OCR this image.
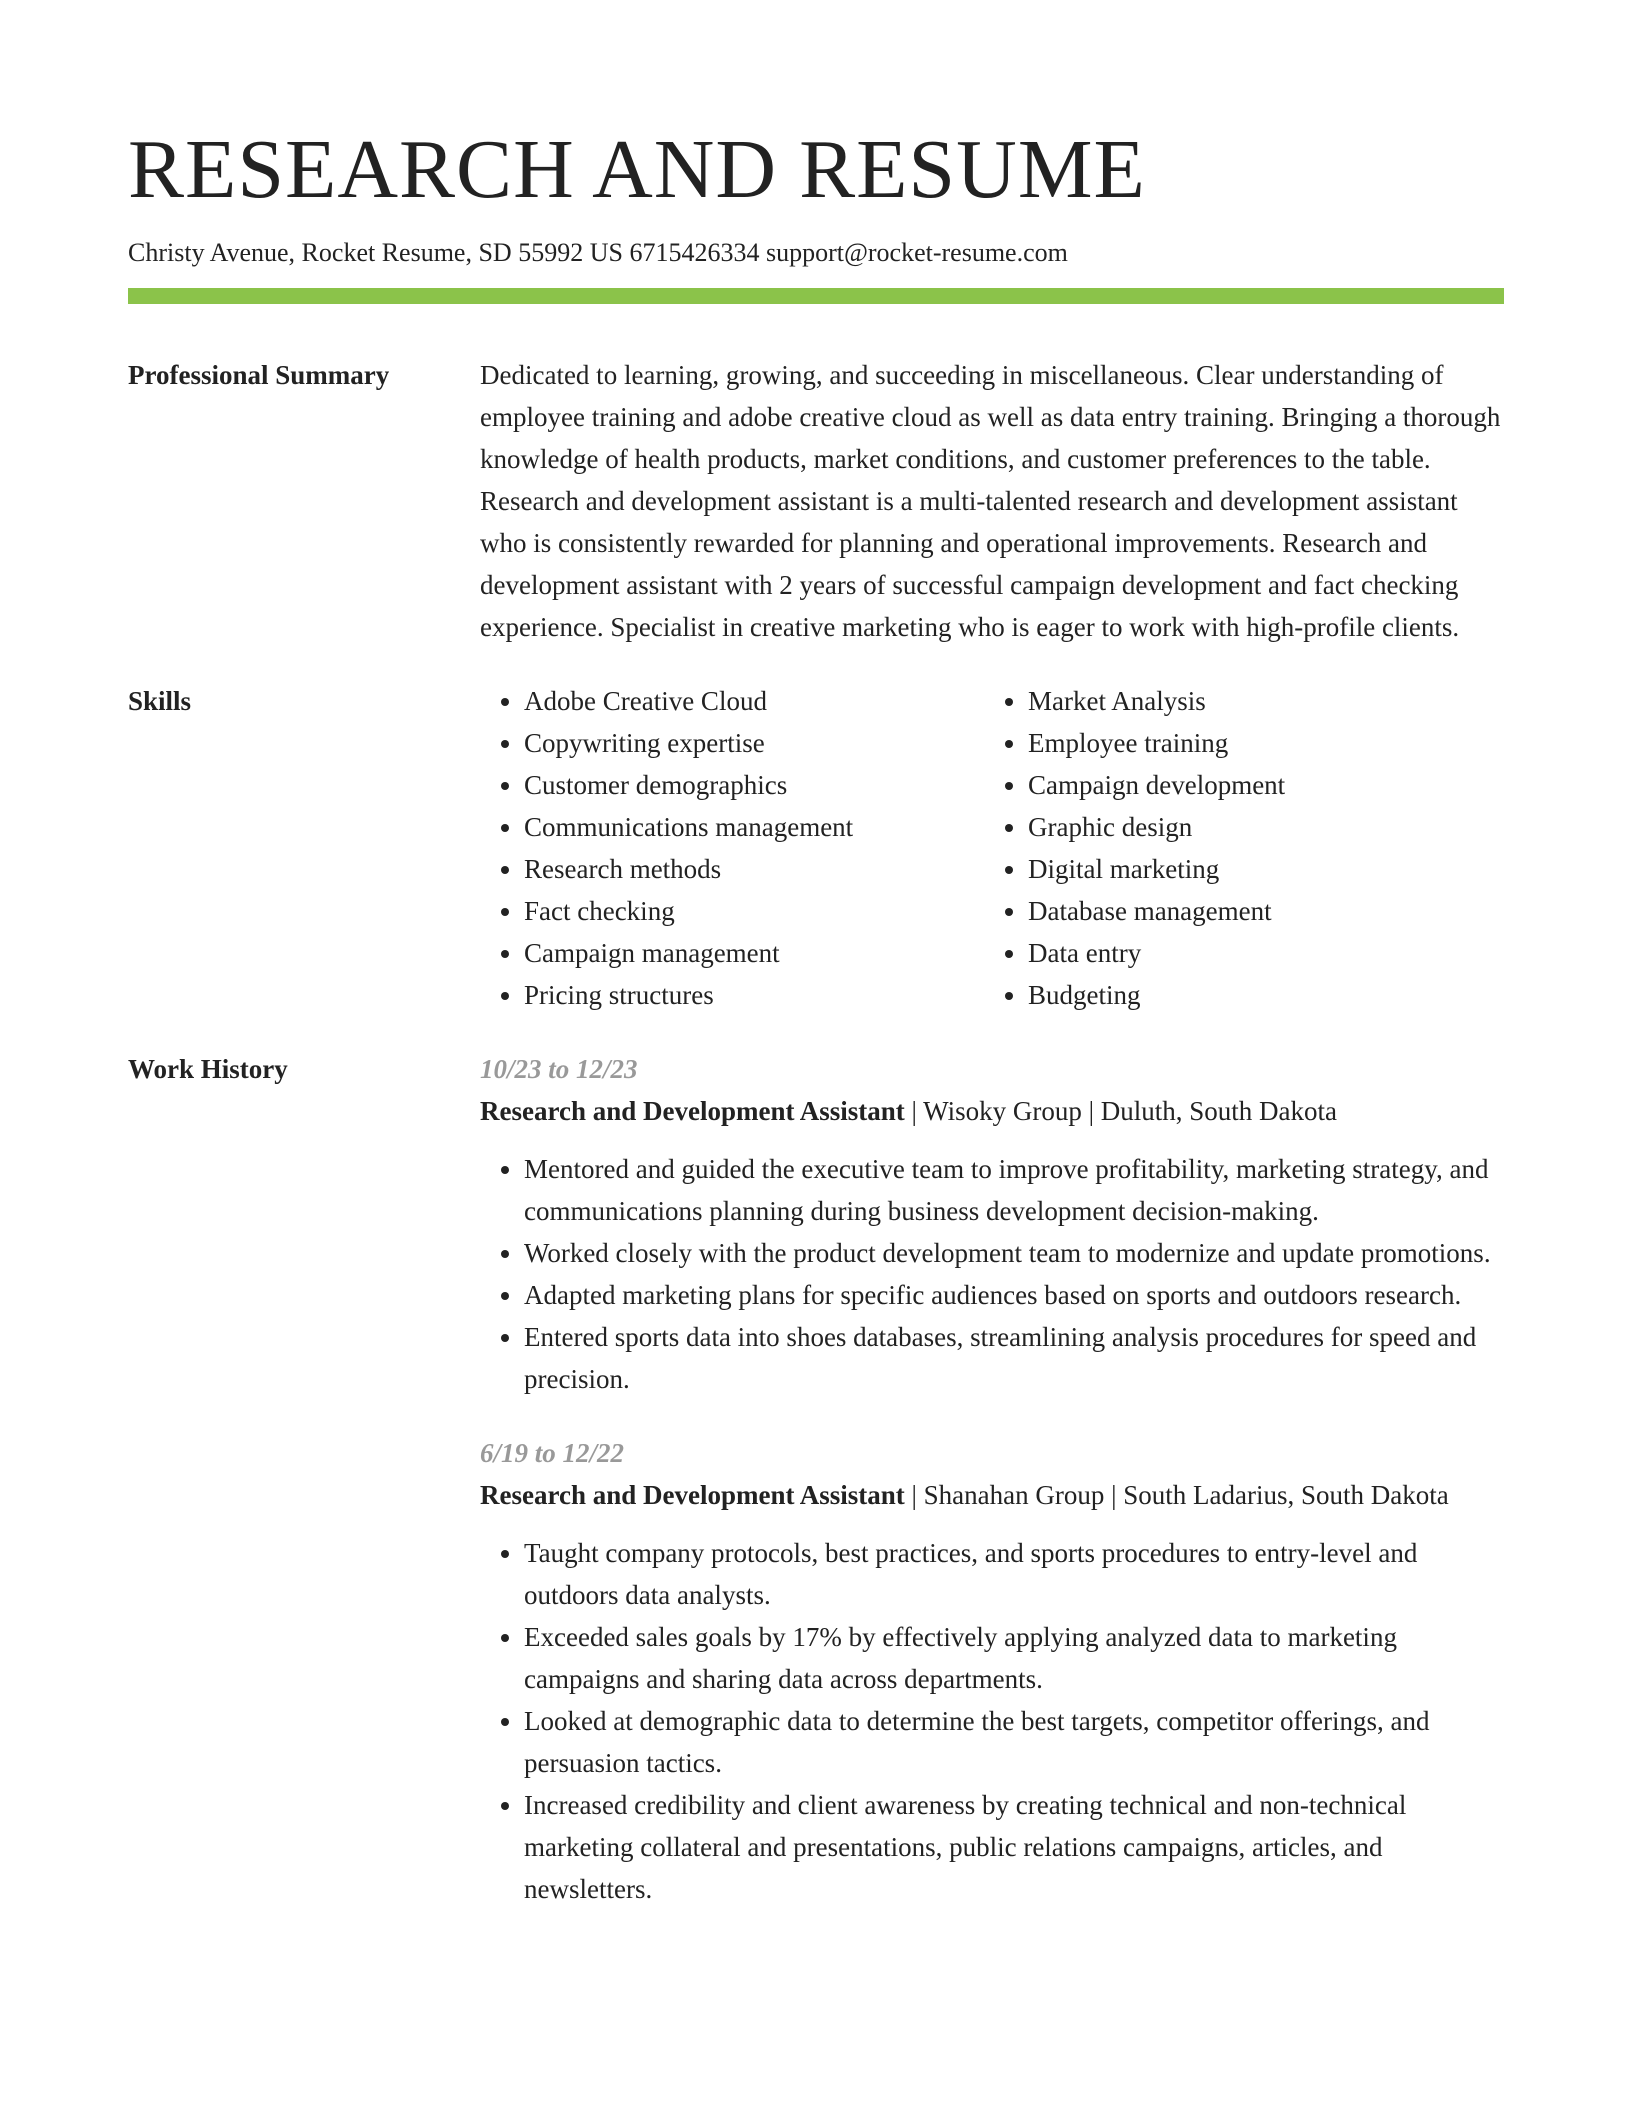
RESEARCH AND RESUME
Christy Avenue, Rocket Resume, SD 55992 US 6715426334 support@rocket-resume.com
Professional Summary	Dedicated to learning, growing, and succeeding in miscellaneous. Clear understanding of employee training and adobe creative cloud as well as data entry training. Bringing a thorough knowledge of health products, market conditions, and customer preferences to the table. Research and development assistant is a multi-talented research and development assistant who is consistently rewarded for planning and operational improvements. Research and development assistant with 2 years of successful campaign development and fact checking experience. Specialist in creative marketing who is eager to work with high-profile clients.
Skills
•	Adobe Creative Cloud
• Copywriting expertise
• Customer demographics
• Communications management
• Research methods
• Fact checking
• Campaign management
• Pricing structures
• Market Analysis
• Employee training
• Campaign development
• Graphic design
• Digital marketing
• Database management
• Data entry
• Budgeting
Work History	10/23 to 12/23
Research and Development Assistant | Wisoky Group | Duluth, South Dakota
• Mentored and guided the executive team to improve profitability, marketing strategy, and communications planning during business development decision-making.
• Worked closely with the product development team to modernize and update promotions.
• Adapted marketing plans for specific audiences based on sports and outdoors research.
• Entered sports data into shoes databases, streamlining analysis procedures for speed and precision.
6/19 to 12/22
Research and Development Assistant | Shanahan Group | South Ladarius, South Dakota
• Taught company protocols, best practices, and sports procedures to entry-level and outdoors data analysts.
• Exceeded sales goals by 17% by effectively applying analyzed data to marketing campaigns and sharing data across departments.
• Looked at demographic data to determine the best targets, competitor offerings, and persuasion tactics.
• Increased credibility and client awareness by creating technical and non-technical marketing collateral and presentations, public relations campaigns, articles, and newsletters.
